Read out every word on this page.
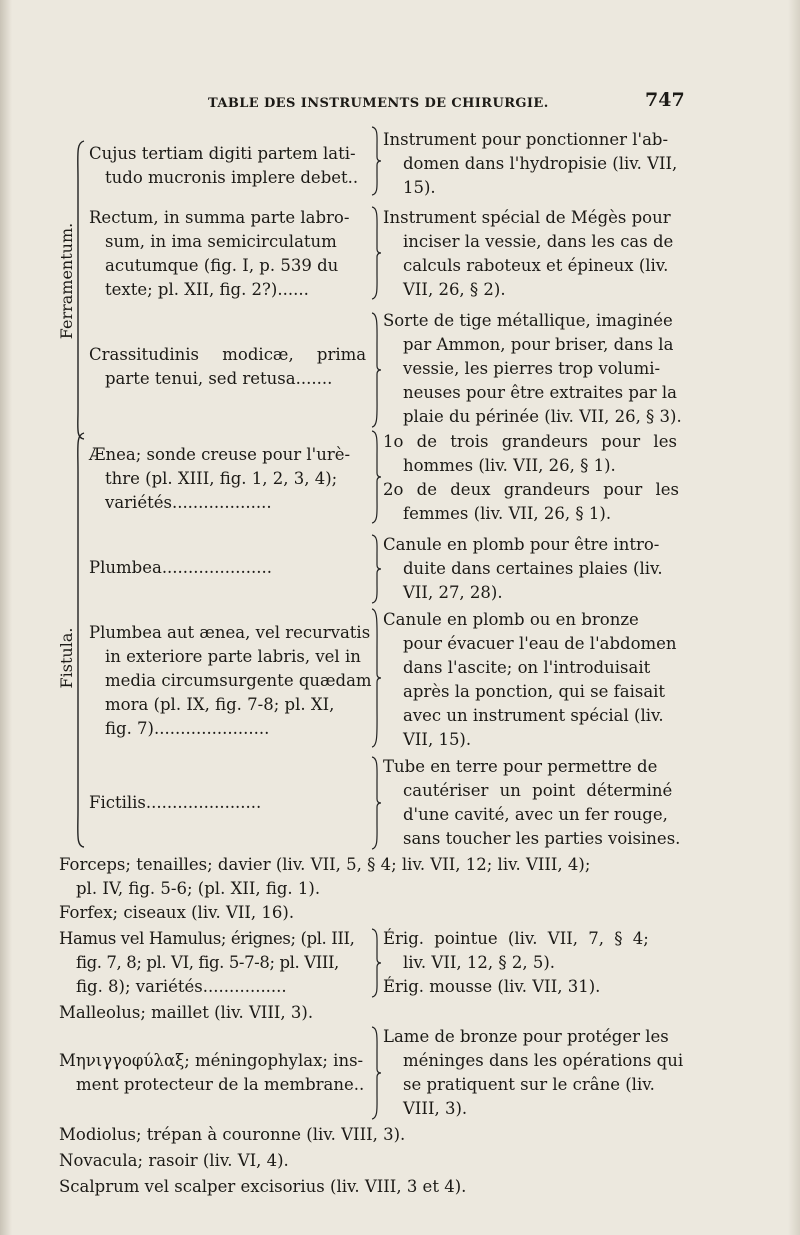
TABLE DES INSTRUMENTS DE CHIRURGIE.	747
Ferramentum.
Fistula.
Cujus tertiam digiti partem lati-
tudo mucronis implere debet..
Instrument pour ponctionner l'ab-
domen dans l'hydropisie (liv. VII,
15).
Rectum, in summa parte labro-
sum, in ima semicirculatum
acutumque (fig. I, p. 539 du
texte; pl. XII, fig. 2?)......
Instrument spécial de Mégès pour
inciser la vessie, dans les cas de
calculs raboteux et épineux (liv.
VII, 26, § 2).
Crassitudinis modicæ, prima
parte tenui, sed retusa.......
Sorte de tige métallique, imaginée
par Ammon, pour briser, dans la
vessie, les pierres trop volumi-
neuses pour être extraites par la
plaie du périnée (liv. VII, 26, § 3).
Ænea; sonde creuse pour l'urè-
thre (pl. XIII, fig. 1, 2, 3, 4);
variétés...................
1o de trois grandeurs pour les
hommes (liv. VII, 26, § 1).
2o de deux grandeurs pour les
femmes (liv. VII, 26, § 1).
Plumbea.....................
Canule en plomb pour être intro-
duite dans certaines plaies (liv.
VII, 27, 28).
Plumbea aut ænea, vel recurvatis
in exteriore parte labris, vel in
media circumsurgente quædam
mora (pl. IX, fig. 7-8; pl. XI,
fig. 7)......................
Canule en plomb ou en bronze
pour évacuer l'eau de l'abdomen
dans l'ascite; on l'introduisait
après la ponction, qui se faisait
avec un instrument spécial (liv.
VII, 15).
Fictilis......................
Tube en terre pour permettre de
cautériser un point déterminé
d'une cavité, avec un fer rouge,
sans toucher les parties voisines.
Forceps; tenailles; davier (liv. VII, 5, § 4; liv. VII, 12; liv. VIII, 4);
pl. IV, fig. 5-6; (pl. XII, fig. 1).
Forfex; ciseaux (liv. VII, 16).
Hamus vel Hamulus; érignes; (pl. III,
fig. 7, 8; pl. VI, fig. 5-7-8; pl. VIII,
fig. 8); variétés................
Érig. pointue (liv. VII, 7, § 4;
liv. VII, 12, § 2, 5).
Érig. mousse (liv. VII, 31).
Malleolus; maillet (liv. VIII, 3).
Μηνιγγοφύλαξ; méningophylax; ins-
ment protecteur de la membrane..
Lame de bronze pour protéger les
méninges dans les opérations qui
se pratiquent sur le crâne (liv.
VIII, 3).
Modiolus; trépan à couronne (liv. VIII, 3).
Novacula; rasoir (liv. VI, 4).
Scalprum vel scalper excisorius (liv. VIII, 3 et 4).
